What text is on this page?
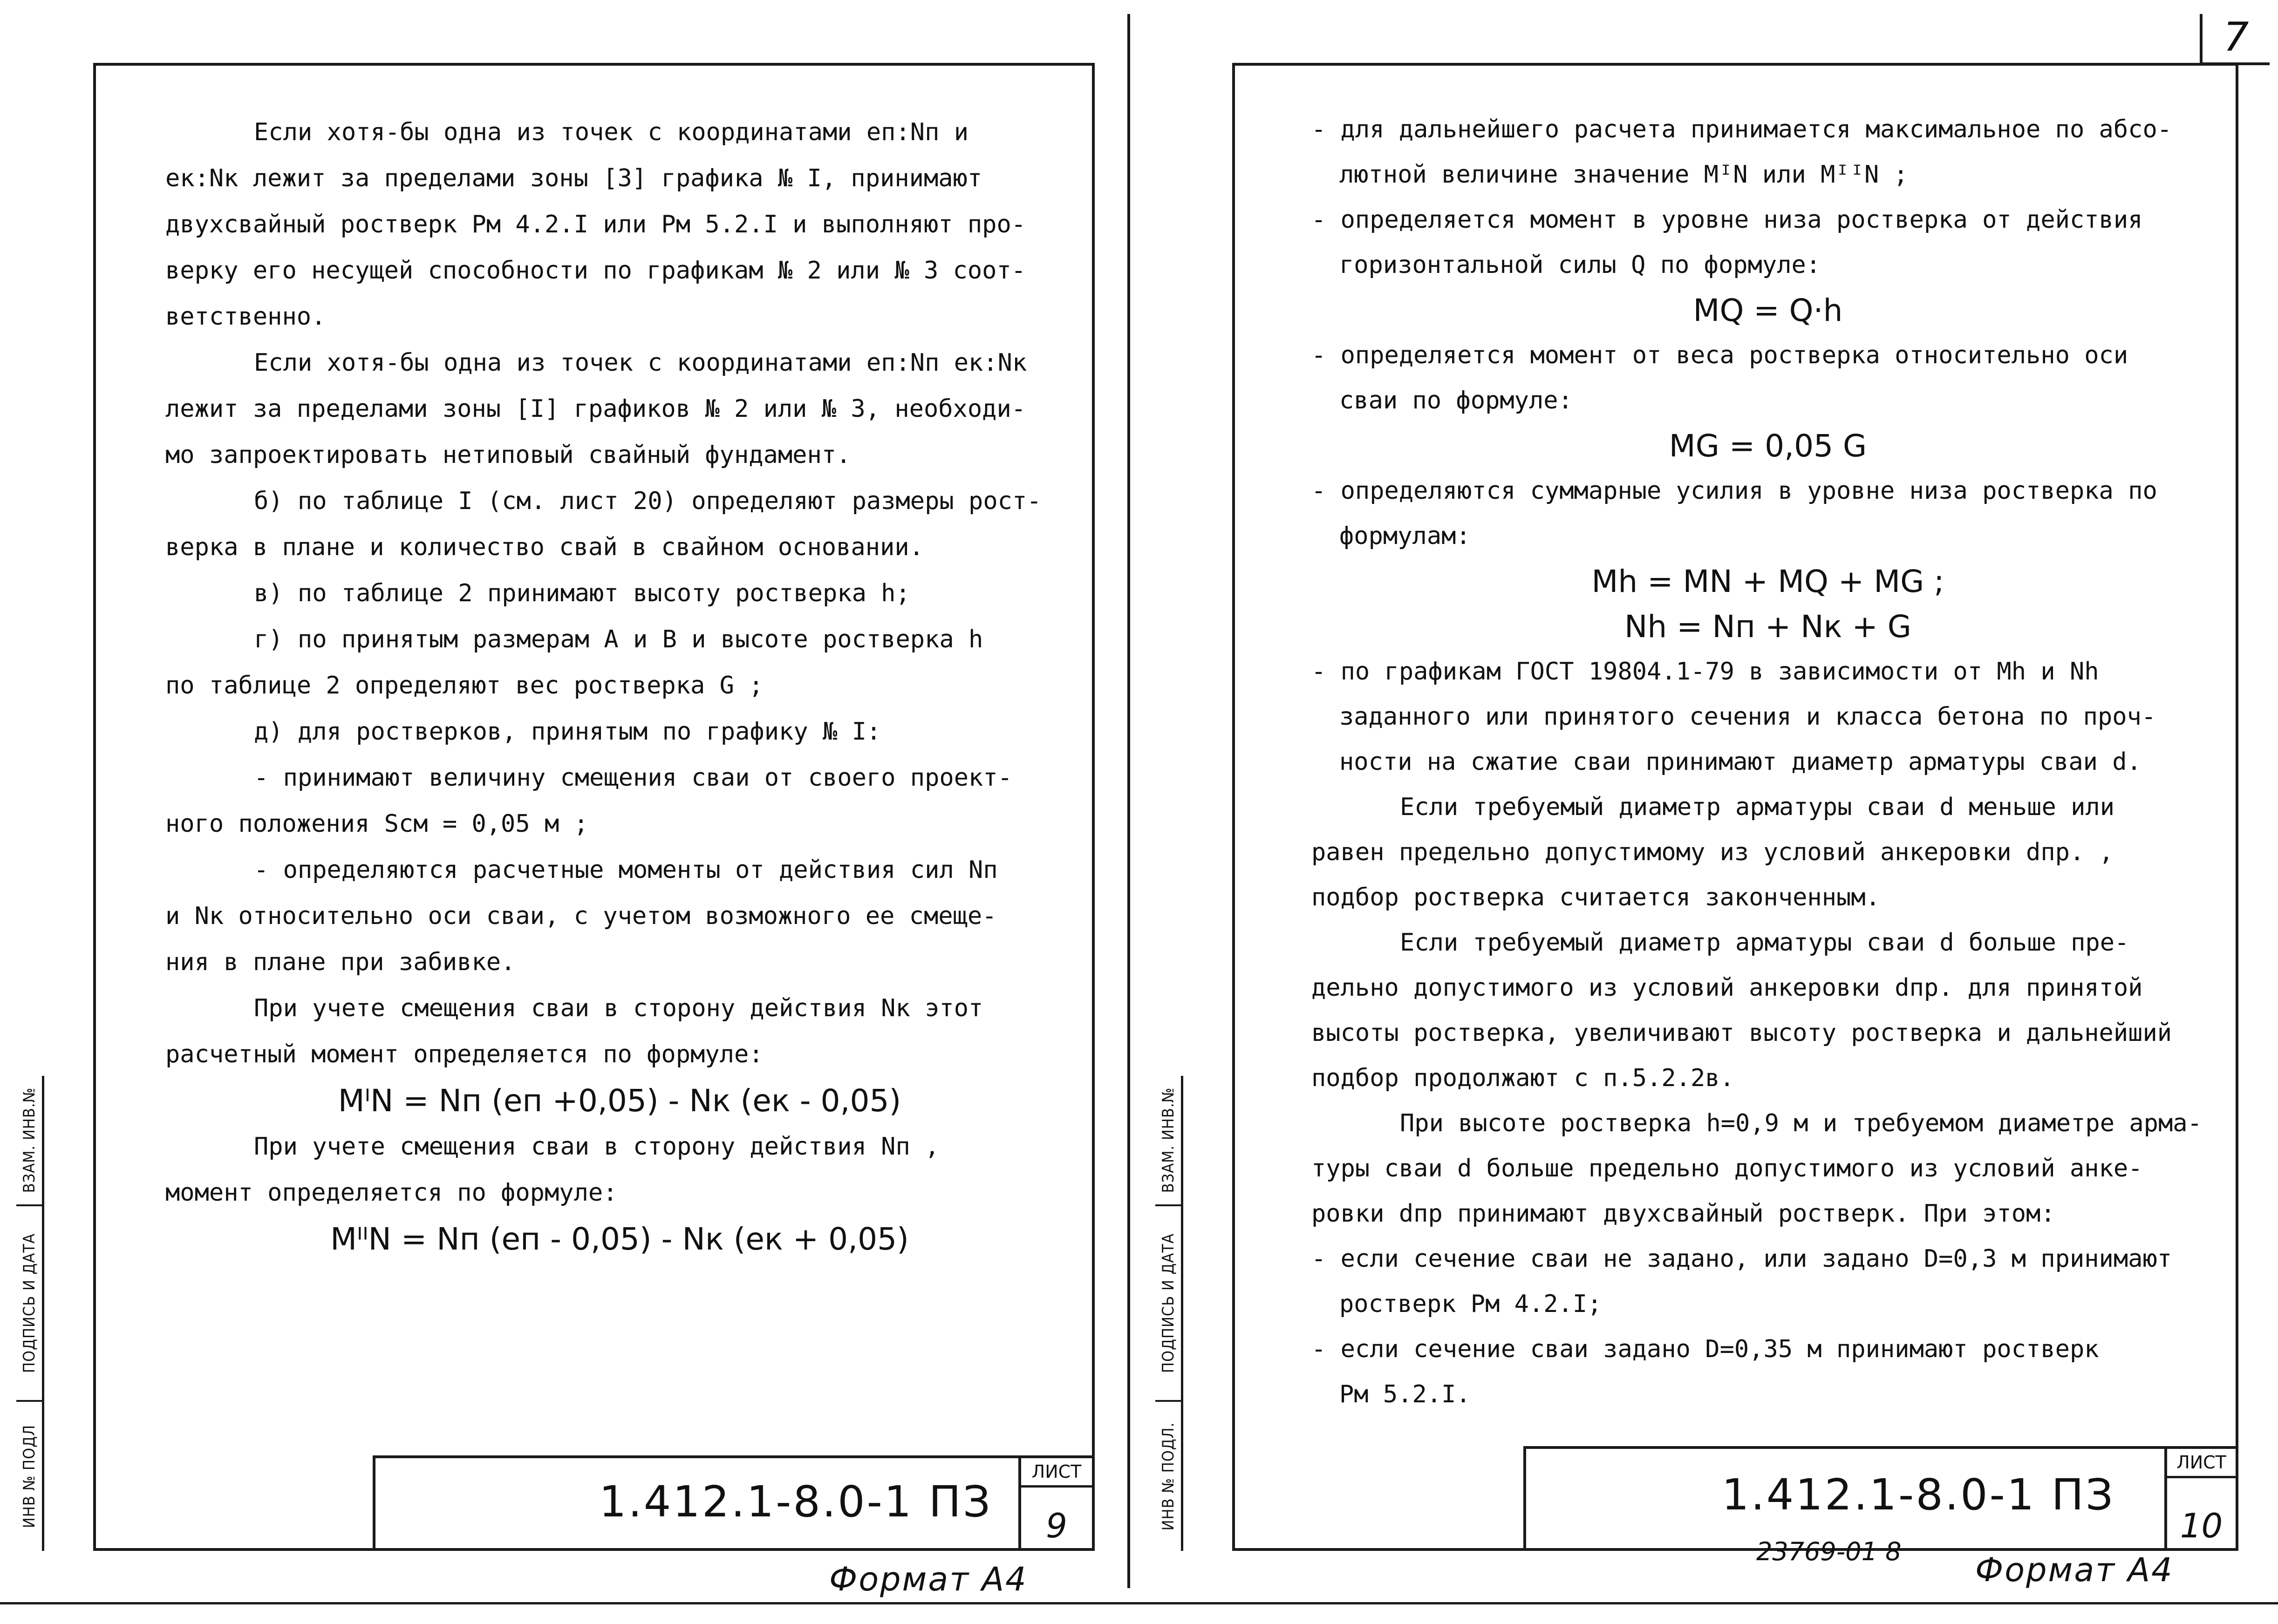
ВЗАМ. ИНВ.№
ПОДПИСЬ И ДАТА
ИНВ № ПОДЛ

Если хотя-бы одна из точек с координатами eп:Nп и

eк:Nк лежит за пределами зоны [3] графика № I, принимают

двухсвайный ростверк Рм 4.2.I или Рм 5.2.I и выполняют про-

верку его несущей способности по графикам № 2 или № 3 соот-

ветственно.

Если хотя-бы одна из точек с координатами eп:Nп eк:Nк

лежит за пределами зоны [I] графиков № 2 или № 3, необходи-

мо запроектировать нетиповый свайный фундамент.

б) по таблице I (см. лист 20) определяют размеры рост-

верка в плане и количество свай в свайном основании.

в) по таблице 2 принимают высоту ростверка h;

г) по принятым размерам А и В и высоте ростверка h

по таблице 2 определяют вес ростверка G ;

д) для ростверков, принятым по графику № I:

- принимают величину смещения сваи от своего проект-

ного положения Sсм = 0,05 м ;

- определяются расчетные моменты от действия сил Nп

и Nк относительно оси сваи, с учетом возможного ее смеще-

ния в плане при забивке.

При учете смещения сваи в сторону действия Nк этот

расчетный момент определяется по формуле:

MᴵN = Nп (eп +0,05) - Nк (eк - 0,05)

При учете смещения сваи в сторону действия Nп ,

момент определяется по формуле:

MᴵᴵN = Nп (eп - 0,05) - Nк (eк + 0,05)

1.412.1-8.0-1 ПЗ
ЛИСТ
9
Формат А4
7
ВЗАМ. ИНВ.№
ПОДПИСЬ И ДАТА
ИНВ № ПОДЛ.

- для дальнейшего расчета принимается максимальное по абсо-

лютной величине значение MᴵN или MᴵᴵN ;

- определяется момент в уровне низа ростверка от действия

горизонтальной силы Q по формуле:

MQ = Q·h

- определяется момент от веса ростверка относительно оси

сваи по формуле:

MG = 0,05 G

- определяются суммарные усилия в уровне низа ростверка по

формулам:

Mh = MN + MQ + MG ;

Nh = Nп + Nк + G

- по графикам ГОСТ 19804.1-79 в зависимости от Mh и Nh

заданного или принятого сечения и класса бетона по проч-

ности на сжатие сваи принимают диаметр арматуры сваи d.

Если требуемый диаметр арматуры сваи d меньше или

равен предельно допустимому из условий анкеровки dпр. ,

подбор ростверка считается законченным.

Если требуемый диаметр арматуры сваи d больше пре-

дельно допустимого из условий анкеровки dпр. для принятой

высоты ростверка, увеличивают высоту ростверка и дальнейший

подбор продолжают с п.5.2.2в.

При высоте ростверка h=0,9 м и требуемом диаметре арма-

туры сваи d больше предельно допустимого из условий анке-

ровки dпр принимают двухсвайный ростверк. При этом:

- если сечение сваи не задано, или задано D=0,3 м принимают

ростверк Рм 4.2.I;

- если сечение сваи задано D=0,35 м принимают ростверк

Рм 5.2.I.

1.412.1-8.0-1 ПЗ
ЛИСТ
10
23769-01 8 Формат А4
